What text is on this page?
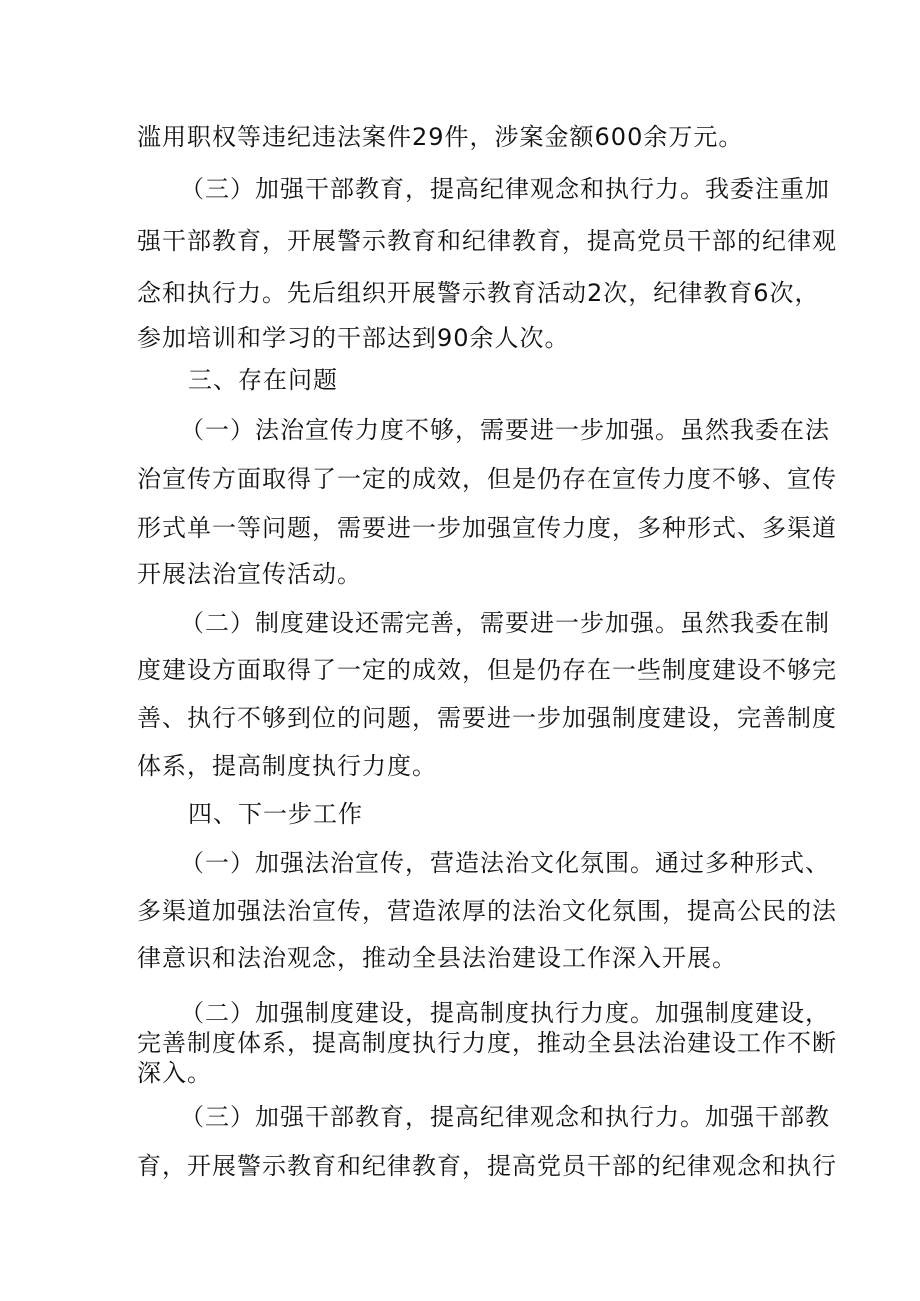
滥用职权等违纪违法案件29件，涉案金额600余万元。
（三）加强干部教育，提高纪律观念和执行力。我委注重加
强干部教育，开展警示教育和纪律教育，提高党员干部的纪律观
念和执行力。先后组织开展警示教育活动2次，纪律教育6次，
参加培训和学习的干部达到90余人次。
三、存在问题
（一）法治宣传力度不够，需要进一步加强。虽然我委在法
治宣传方面取得了一定的成效，但是仍存在宣传力度不够、宣传
形式单一等问题，需要进一步加强宣传力度，多种形式、多渠道
开展法治宣传活动。
（二）制度建设还需完善，需要进一步加强。虽然我委在制
度建设方面取得了一定的成效，但是仍存在一些制度建设不够完
善、执行不够到位的问题，需要进一步加强制度建设，完善制度
体系，提高制度执行力度。
四、下一步工作
（一）加强法治宣传，营造法治文化氛围。通过多种形式、
多渠道加强法治宣传，营造浓厚的法治文化氛围，提高公民的法
律意识和法治观念，推动全县法治建设工作深入开展。
（二）加强制度建设，提高制度执行力度。加强制度建设，
完善制度体系，提高制度执行力度，推动全县法治建设工作不断
深入。
（三）加强干部教育，提高纪律观念和执行力。加强干部教
育，开展警示教育和纪律教育，提高党员干部的纪律观念和执行
